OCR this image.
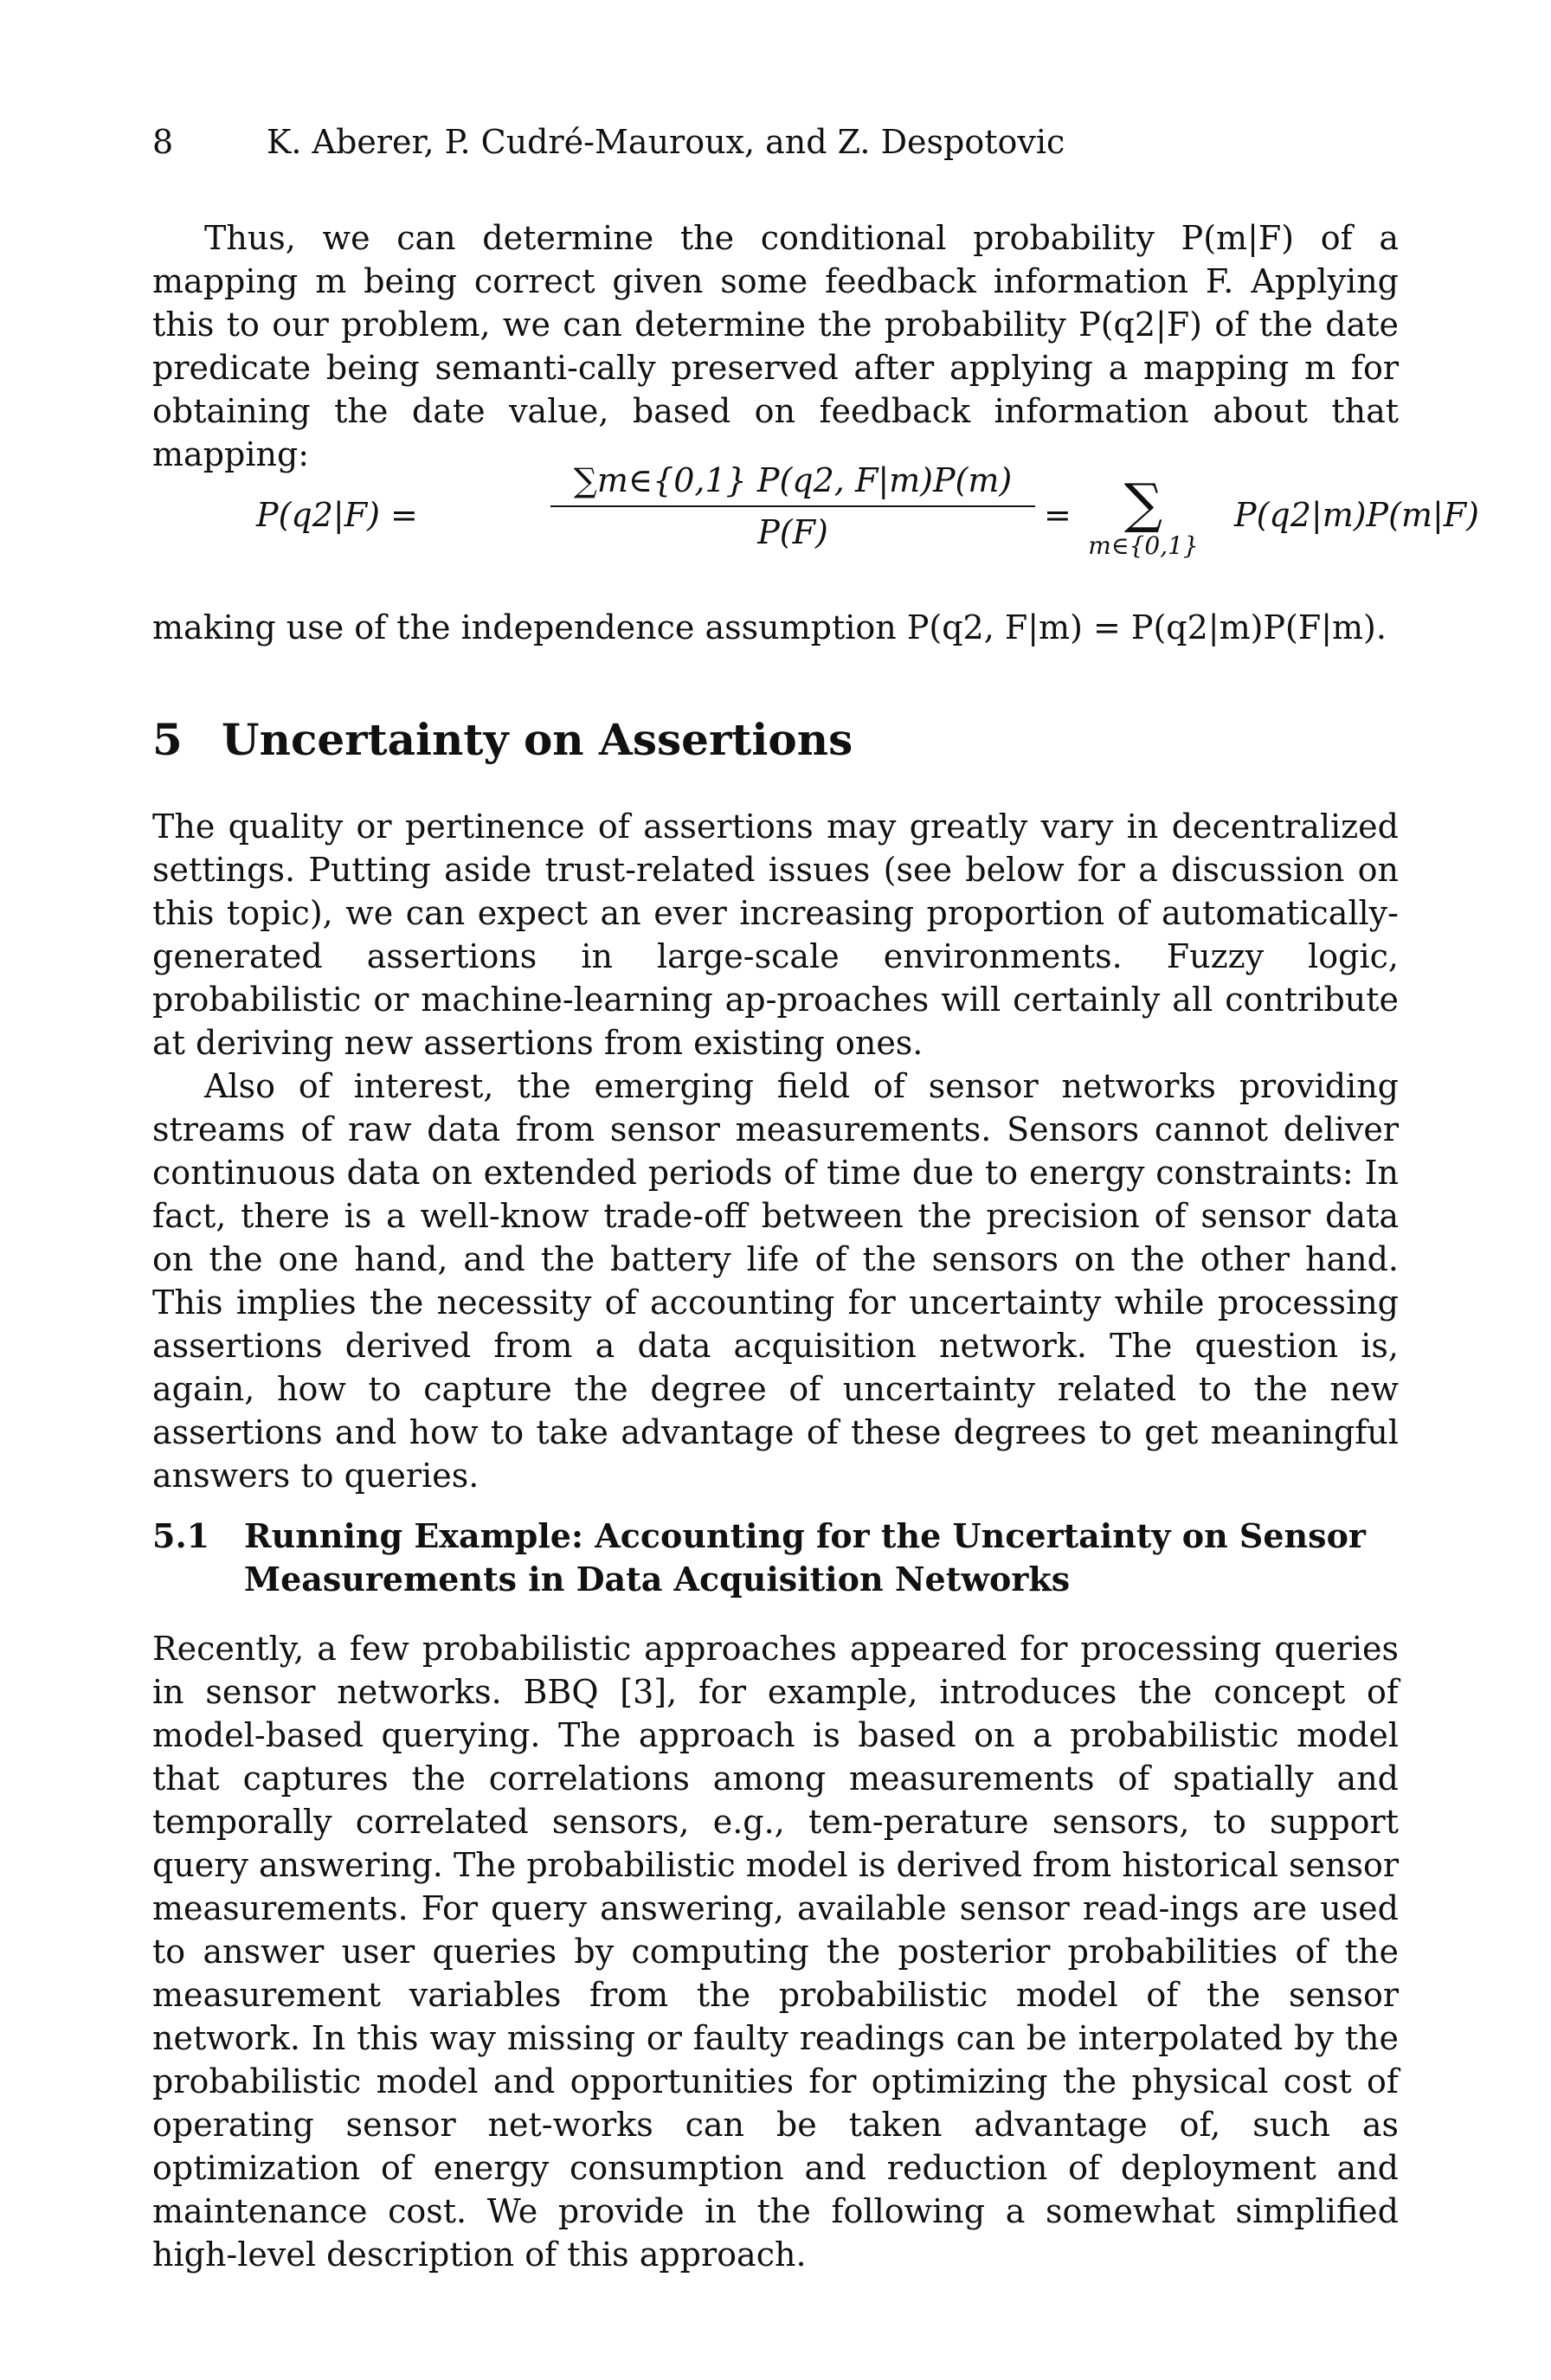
8	K. Aberer, P. Cudré-Mauroux, and Z. Despotovic

Thus, we can determine the conditional probability P(m|F) of a mapping m being correct given some feedback information F. Applying this to our problem, we can determine the probability P(q2|F) of the date predicate being semanti-cally preserved after applying a mapping m for obtaining the date value, based on feedback information about that mapping:

P(q2|F) =
∑m∈{0,1} P(q2, F|m)P(m)
P(F)	= ∑
m∈{0,1}
P(q2|m)P(m|F)

making use of the independence assumption P(q2, F|m) = P(q2|m)P(F|m).

5 Uncertainty on Assertions

The quality or pertinence of assertions may greatly vary in decentralized settings. Putting aside trust-related issues (see below for a discussion on this topic), we can expect an ever increasing proportion of automatically-generated assertions in large-scale environments. Fuzzy logic, probabilistic or machine-learning ap-proaches will certainly all contribute at deriving new assertions from existing ones.

Also of interest, the emerging field of sensor networks providing streams of raw data from sensor measurements. Sensors cannot deliver continuous data on extended periods of time due to energy constraints: In fact, there is a well-know trade-off between the precision of sensor data on the one hand, and the battery life of the sensors on the other hand. This implies the necessity of accounting for uncertainty while processing assertions derived from a data acquisition network. The question is, again, how to capture the degree of uncertainty related to the new assertions and how to take advantage of these degrees to get meaningful answers to queries.

5.1 Running Example: Accounting for the Uncertainty on Sensor Measurements in Data Acquisition Networks

Recently, a few probabilistic approaches appeared for processing queries in sensor networks. BBQ [3], for example, introduces the concept of model-based querying. The approach is based on a probabilistic model that captures the correlations among measurements of spatially and temporally correlated sensors, e.g., tem-perature sensors, to support query answering. The probabilistic model is derived from historical sensor measurements. For query answering, available sensor read-ings are used to answer user queries by computing the posterior probabilities of the measurement variables from the probabilistic model of the sensor network. In this way missing or faulty readings can be interpolated by the probabilistic model and opportunities for optimizing the physical cost of operating sensor net-works can be taken advantage of, such as optimization of energy consumption and reduction of deployment and maintenance cost. We provide in the following a somewhat simplified high-level description of this approach.
